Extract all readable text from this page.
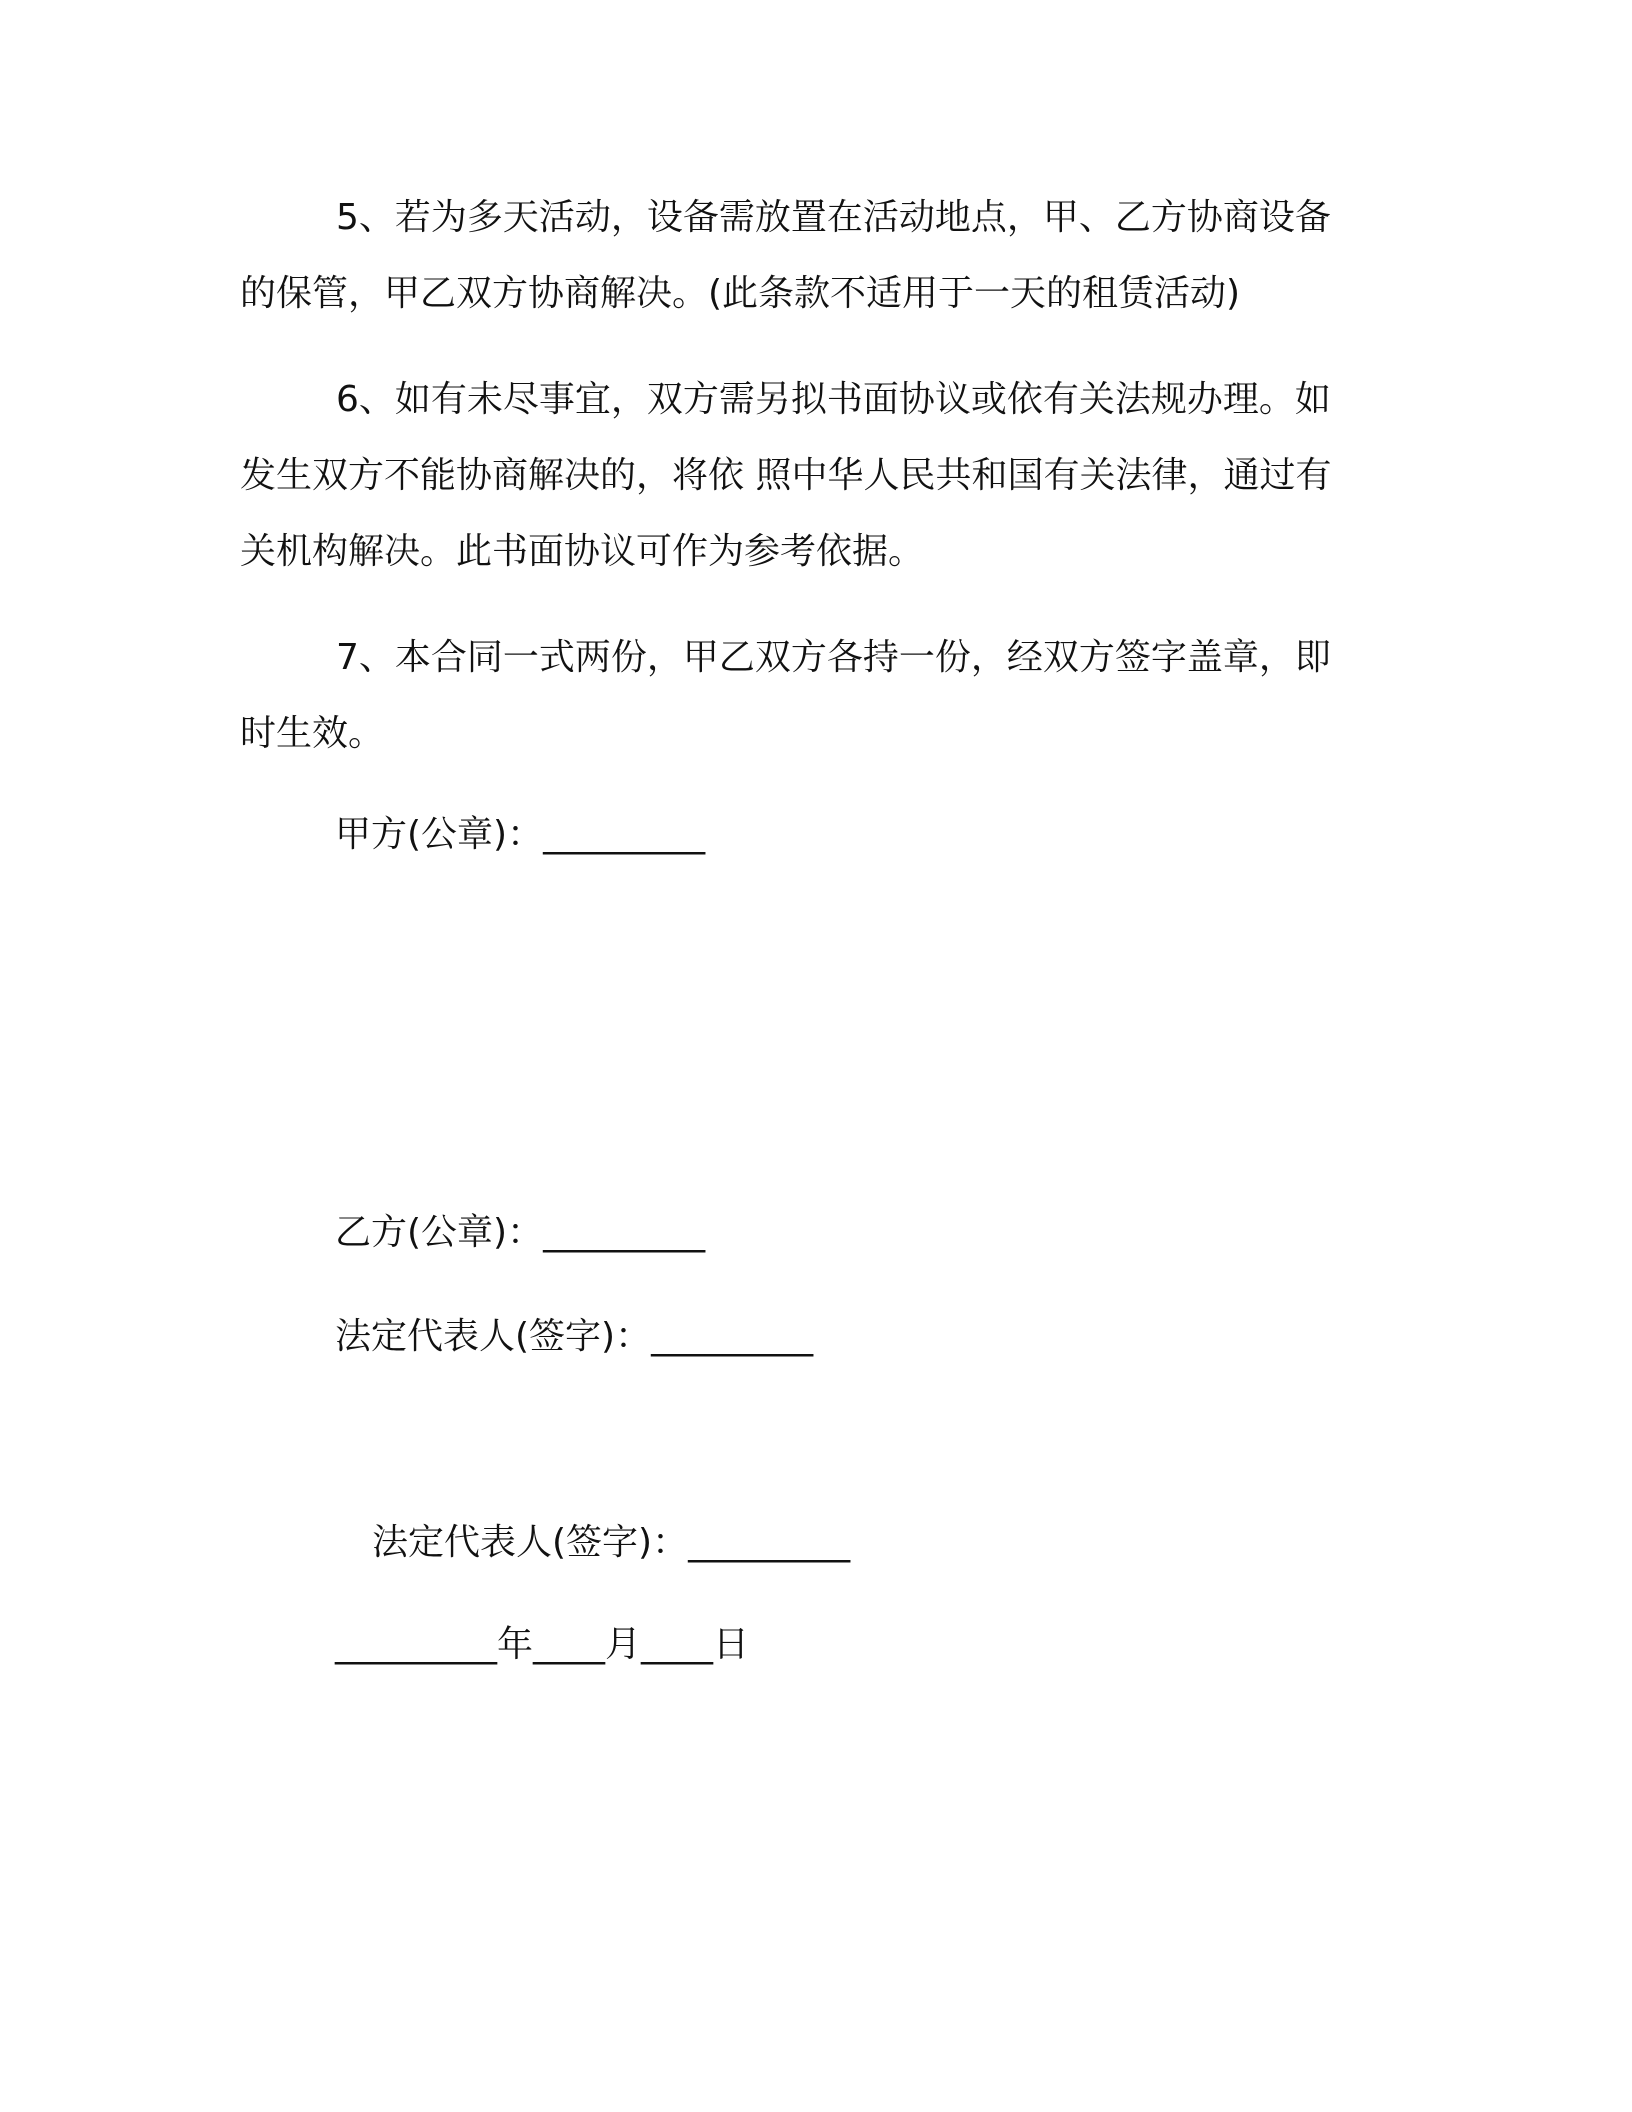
5、若为多天活动，设备需放置在活动地点，甲、乙方协商设备的保管，甲乙双方协商解决。(此条款不适用于一天的租赁活动)

6、如有未尽事宜，双方需另拟书面协议或依有关法规办理。如发生双方不能协商解决的，将依 照中华人民共和国有关法律，通过有关机构解决。此书面协议可作为参考依据。

7、本合同一式两份，甲乙双方各持一份，经双方签字盖章，即时生效。

甲方(公章)：_________

乙方(公章)：_________

法定代表人(签字)：_________

法定代表人(签字)：_________

_________年____月____日
